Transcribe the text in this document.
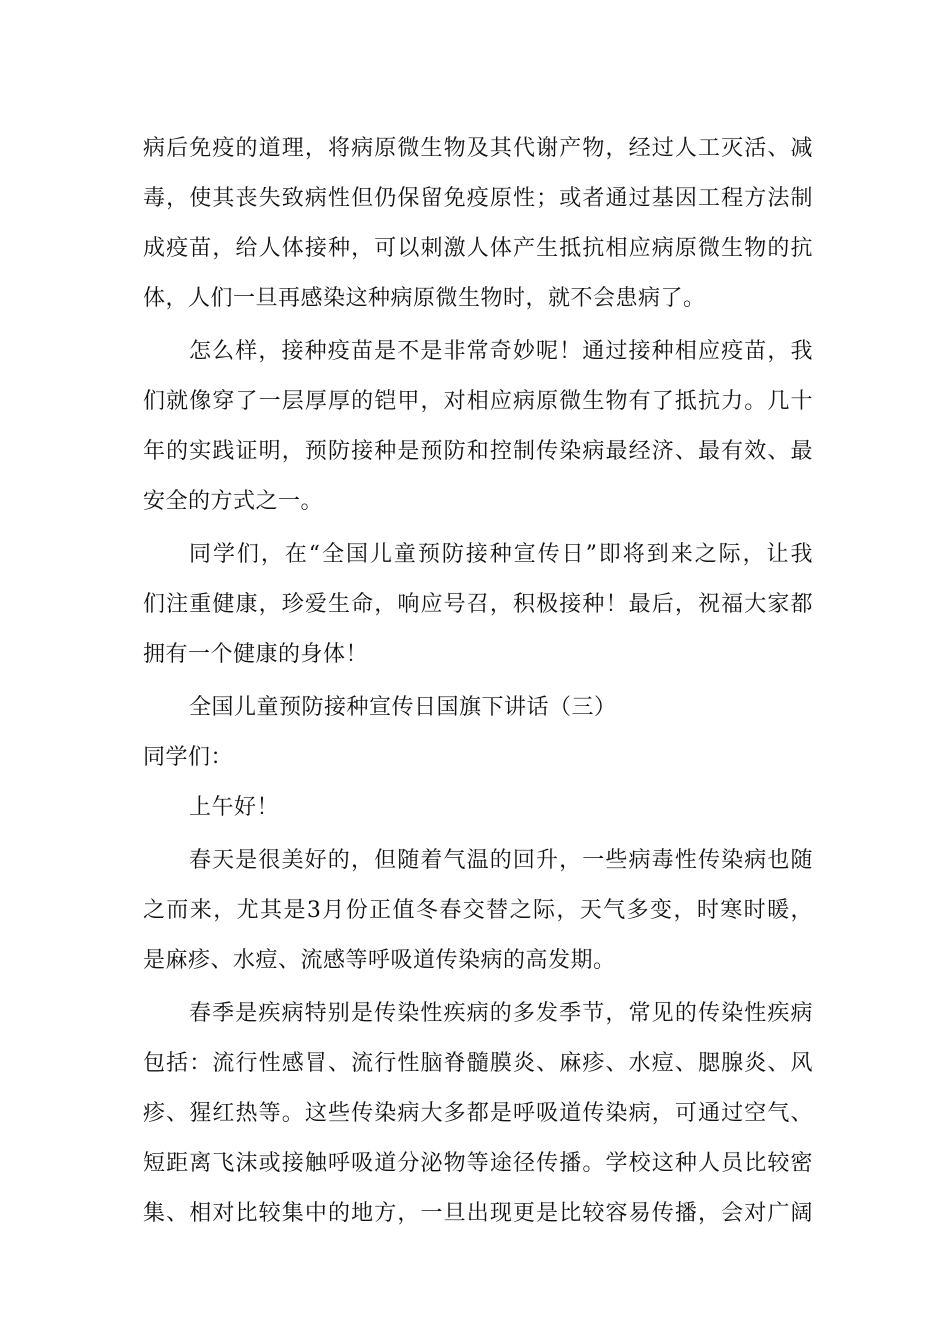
病后免疫的道理，将病原微生物及其代谢产物，经过人工灭活、减
毒，使其丧失致病性但仍保留免疫原性；或者通过基因工程方法制
成疫苗，给人体接种，可以刺激人体产生抵抗相应病原微生物的抗
体，人们一旦再感染这种病原微生物时，就不会患病了。

怎么样，接种疫苗是不是非常奇妙呢！通过接种相应疫苗，我
们就像穿了一层厚厚的铠甲，对相应病原微生物有了抵抗力。几十
年的实践证明，预防接种是预防和控制传染病最经济、最有效、最
安全的方式之一。

同学们，在“全国儿童预防接种宣传日”即将到来之际，让我
们注重健康，珍爱生命，响应号召，积极接种！最后，祝福大家都
拥有一个健康的身体！

全国儿童预防接种宣传日国旗下讲话（三）

同学们：

上午好！

春天是很美好的，但随着气温的回升，一些病毒性传染病也随
之而来，尤其是3月份正值冬春交替之际，天气多变，时寒时暖，
是麻疹、水痘、流感等呼吸道传染病的高发期。

春季是疾病特别是传染性疾病的多发季节，常见的传染性疾病
包括：流行性感冒、流行性脑脊髓膜炎、麻疹、水痘、腮腺炎、风
疹、猩红热等。这些传染病大多都是呼吸道传染病，可通过空气、
短距离飞沫或接触呼吸道分泌物等途径传播。学校这种人员比较密
集、相对比较集中的地方，一旦出现更是比较容易传播，会对广阔
